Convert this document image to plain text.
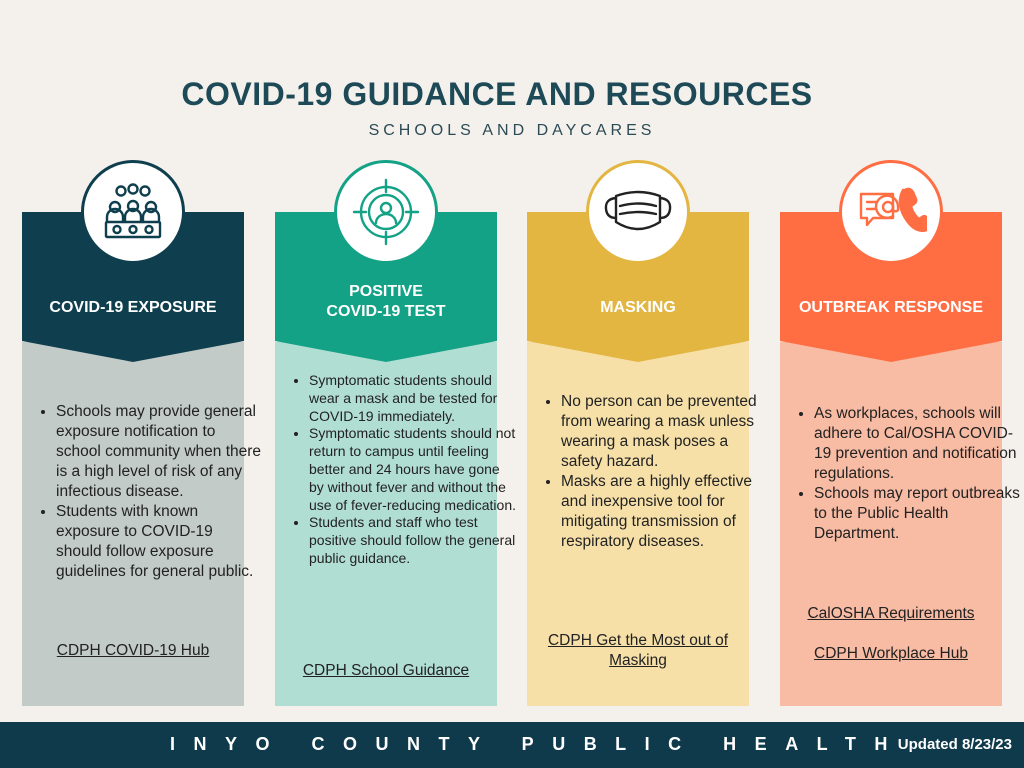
COVID-19 GUIDANCE AND RESOURCES
SCHOOLS AND DAYCARES
COVID-19 EXPOSURE
• Schools may provide general exposure notification to school community when there is a high level of risk of any infectious disease.
• Students with known exposure to COVID-19 should follow exposure guidelines for general public.
CDPH COVID-19 Hub
POSITIVE
COVID-19 TEST
• Symptomatic students should wear a mask and be tested for COVID-19 immediately.
• Symptomatic students should not return to campus until feeling better and 24 hours have gone by without fever and without the use of fever-reducing medication.
• Students and staff who test positive should follow the general public guidance.
CDPH School Guidance
MASKING
• No person can be prevented from wearing a mask unless wearing a mask poses a safety hazard.
• Masks are a highly effective and inexpensive tool for mitigating transmission of respiratory diseases.
CDPH Get the Most out of Masking
OUTBREAK RESPONSE
• As workplaces, schools will adhere to Cal/OSHA COVID-19 prevention and notification regulations.
• Schools may report outbreaks to the Public Health Department.
CalOSHA Requirements
CDPH Workplace Hub
INYO COUNTY PUBLIC HEALTH
Updated 8/23/23
